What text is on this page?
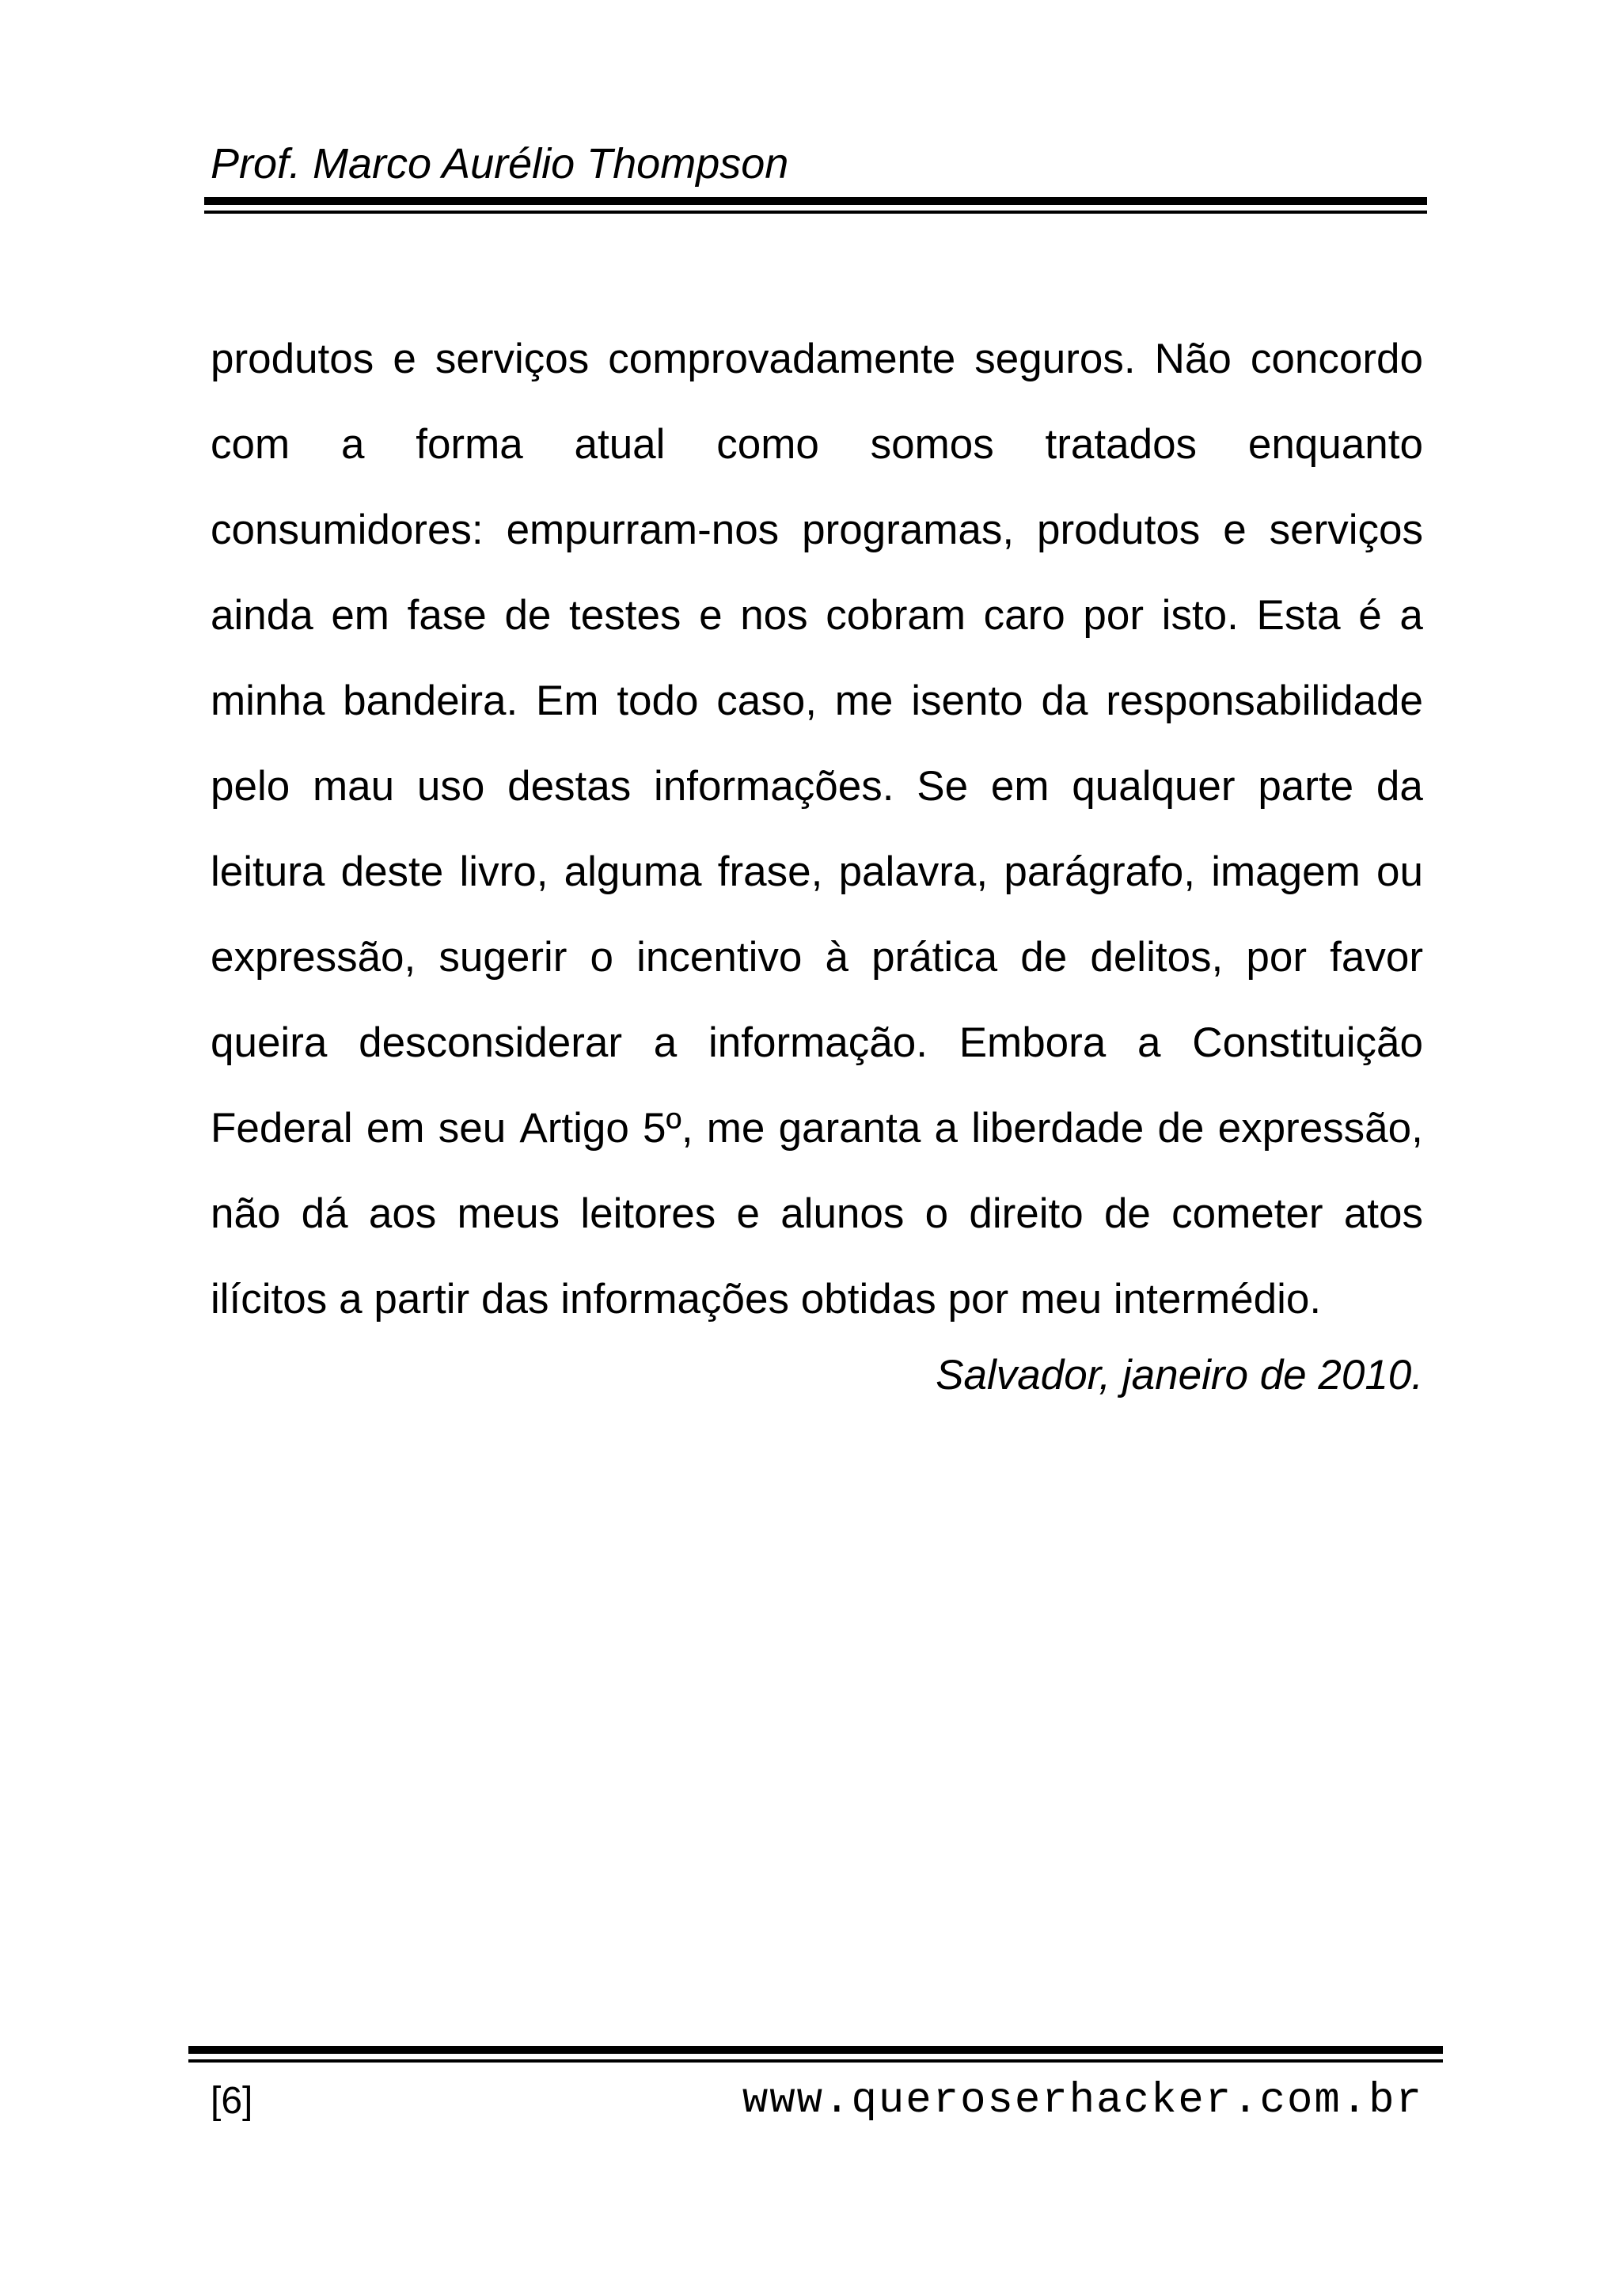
Prof. Marco Aurélio Thompson
produtos e serviços comprovadamente seguros. Não concordo
com a forma atual como somos tratados enquanto
consumidores: empurram-nos programas, produtos e serviços
ainda em fase de testes e nos cobram caro por isto. Esta é a
minha bandeira. Em todo caso, me isento da responsabilidade
pelo mau uso destas informações. Se em qualquer parte da
leitura deste livro, alguma frase, palavra, parágrafo, imagem ou
expressão, sugerir o incentivo à prática de delitos, por favor
queira desconsiderar a informação. Embora a Constituição
Federal em seu Artigo 5º, me garanta a liberdade de expressão,
não dá aos meus leitores e alunos o direito de cometer atos
ilícitos a partir das informações obtidas por meu intermédio.
Salvador, janeiro de 2010.
[6]	www.queroserhacker.com.br
